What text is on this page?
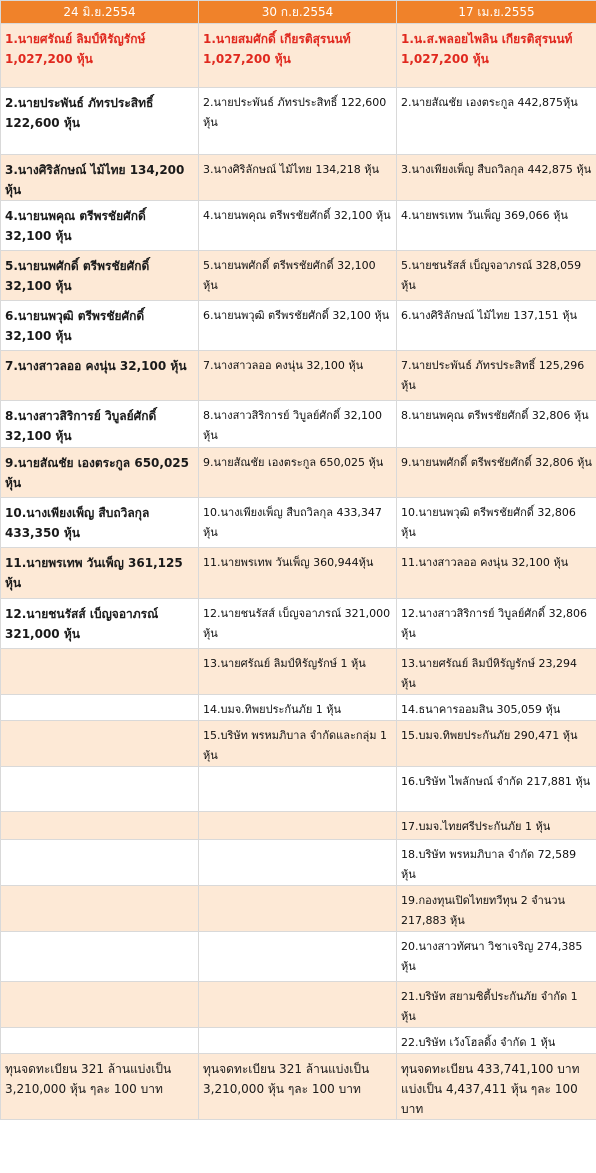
24 มิ.ย.2554	30 ก.ย.2554	17 เม.ย.2555
1.นายศรัณย์ ลิมป์หิรัญรักษ์ 1,027,200 หุ้น	1.นายสมศักดิ์ เกียรติสุรนนท์ 1,027,200 หุ้น	1.น.ส.พลอยไพลิน เกียรติสุรนนท์ 1,027,200 หุ้น
2.นายประพันธ์ ภัทรประสิทธิ์ 122,600 หุ้น	2.นายประพันธ์ ภัทรประสิทธิ์ 122,600 หุ้น	2.นายสัณชัย เองตระกูล 442,875หุ้น
3.นางศิริลักษณ์ ไม้ไทย 134,200 หุ้น	3.นางศิริลักษณ์ ไม้ไทย 134,218 หุ้น	3.นางเพียงเพ็ญ สืบถวิลกุล 442,875 หุ้น
4.นายนพคุณ ตรีพรชัยศักดิ์ 32,100 หุ้น	4.นายนพคุณ ตรีพรชัยศักดิ์ 32,100 หุ้น	4.นายพรเทพ วันเพ็ญ 369,066 หุ้น
5.นายนพศักดิ์ ตรีพรชัยศักดิ์ 32,100 หุ้น	5.นายนพศักดิ์ ตรีพรชัยศักดิ์ 32,100 หุ้น	5.นายชนรัสส์ เบ็ญจอาภรณ์ 328,059 หุ้น
6.นายนพวุฒิ ตรีพรชัยศักดิ์ 32,100 หุ้น	6.นายนพวุฒิ ตรีพรชัยศักดิ์ 32,100 หุ้น	6.นางศิริลักษณ์ ไม้ไทย 137,151 หุ้น
7.นางสาวลออ คงนุ่น 32,100 หุ้น	7.นางสาวลออ คงนุ่น 32,100 หุ้น	7.นายประพันธ์ ภัทรประสิทธิ์ 125,296 หุ้น
8.นางสาวสิริการย์ วิบูลย์ศักดิ์ 32,100 หุ้น	8.นางสาวสิริการย์ วิบูลย์ศักดิ์ 32,100 หุ้น	8.นายนพคุณ ตรีพรชัยศักดิ์ 32,806 หุ้น
9.นายสัณชัย เองตระกูล 650,025 หุ้น	9.นายสัณชัย เองตระกูล 650,025 หุ้น	9.นายนพศักดิ์ ตรีพรชัยศักดิ์ 32,806 หุ้น
10.นางเพียงเพ็ญ สืบถวิลกุล 433,350 หุ้น	10.นางเพียงเพ็ญ สืบถวิลกุล 433,347 หุ้น	10.นายนพวุฒิ ตรีพรชัยศักดิ์ 32,806 หุ้น
11.นายพรเทพ วันเพ็ญ 361,125 หุ้น	11.นายพรเทพ วันเพ็ญ 360,944หุ้น	11.นางสาวลออ คงนุ่น 32,100 หุ้น
12.นายชนรัสส์ เบ็ญจอาภรณ์ 321,000 หุ้น	12.นายชนรัสส์ เบ็ญจอาภรณ์ 321,000 หุ้น	12.นางสาวสิริการย์ วิบูลย์ศักดิ์ 32,806 หุ้น
	13.นายศรัณย์ ลิมป์หิรัญรักษ์ 1 หุ้น	13.นายศรัณย์ ลิมป์หิรัญรักษ์ 23,294 หุ้น
	14.บมจ.ทิพยประกันภัย 1 หุ้น	14.ธนาคารออมสิน 305,059 หุ้น
	15.บริษัท พรหมภิบาล จำกัดและกลุ่ม 1 หุ้น	15.บมจ.ทิพยประกันภัย 290,471 หุ้น
		16.บริษัท ไพลักษณ์ จำกัด 217,881 หุ้น
		17.บมจ.ไทยศรีประกันภัย 1 หุ้น
		18.บริษัท พรหมภิบาล จำกัด 72,589 หุ้น
		19.กองทุนเปิดไทยทวีทุน 2 จำนวน 217,883 หุ้น
		20.นางสาวทัศนา วิชาเจริญ 274,385 หุ้น
		21.บริษัท สยามซิตี้ประกันภัย จำกัด 1 หุ้น
		22.บริษัท เว้งโฮลดิ้ง จำกัด 1 หุ้น
ทุนจดทะเบียน 321 ล้านแบ่งเป็น 3,210,000 หุ้น ๆละ 100 บาท	ทุนจดทะเบียน 321 ล้านแบ่งเป็น 3,210,000 หุ้น ๆละ 100 บาท	ทุนจดทะเบียน 433,741,100 บาท แบ่งเป็น 4,437,411 หุ้น ๆละ 100 บาท
